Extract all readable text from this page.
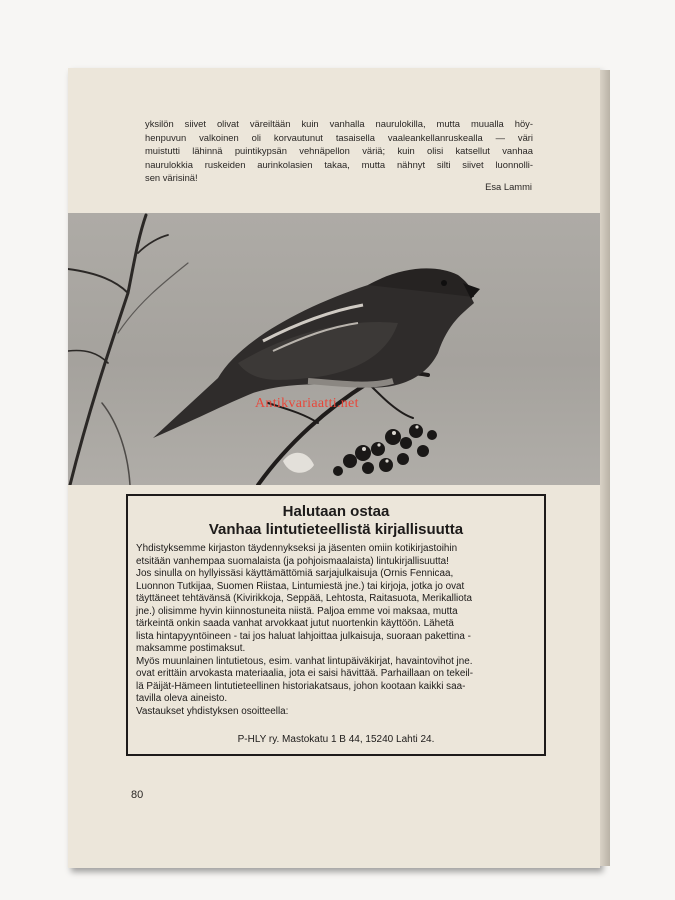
yksilön siivet olivat väreiltään kuin vanhalla naurulokilla, mutta muualla höy-
henpuvun valkoinen oli korvautunut tasaisella vaaleankellanruskealla — väri
muistutti lähinnä puintikypsän vehnäpellon väriä; kuin olisi katsellut vanhaa
naurulokkia ruskeiden aurinkolasien takaa, mutta nähnyt silti siivet luonnolli-
sen värisinä!
Esa Lammi
Antikvariaatti.net
Halutaan ostaa
Vanhaa lintutieteellistä kirjallisuutta
Yhdistyksemme kirjaston täydennykseksi ja jäsenten omiin kotikirjastoihin
etsitään vanhempaa suomalaista (ja pohjoismaalaista) lintukirjallisuutta!
Jos sinulla on hyllyissäsi käyttämättömiä sarjajulkaisuja (Ornis Fennicaa,
Luonnon Tutkijaa, Suomen Riistaa, Lintumiestä jne.) tai kirjoja, jotka jo ovat
täyttäneet tehtävänsä (Kivirikkoja, Seppää, Lehtosta, Raitasuota, Merikalliota
jne.) olisimme hyvin kiinnostuneita niistä. Paljoa emme voi maksaa, mutta
tärkeintä onkin saada vanhat arvokkaat jutut nuortenkin käyttöön. Lähetä
lista hintapyyntöineen - tai jos haluat lahjoittaa julkaisuja, suoraan pakettina -
maksamme postimaksut.
Myös muunlainen lintutietous, esim. vanhat lintupäiväkirjat, havaintovihot jne.
ovat erittäin arvokasta materiaalia, jota ei saisi hävittää. Parhaillaan on tekeil-
lä Päijät-Hämeen lintutieteellinen historiakatsaus, johon kootaan kaikki saa-
tavilla oleva aineisto.
Vastaukset yhdistyksen osoitteella:
P-HLY ry. Mastokatu 1 B 44, 15240 Lahti 24.
80
